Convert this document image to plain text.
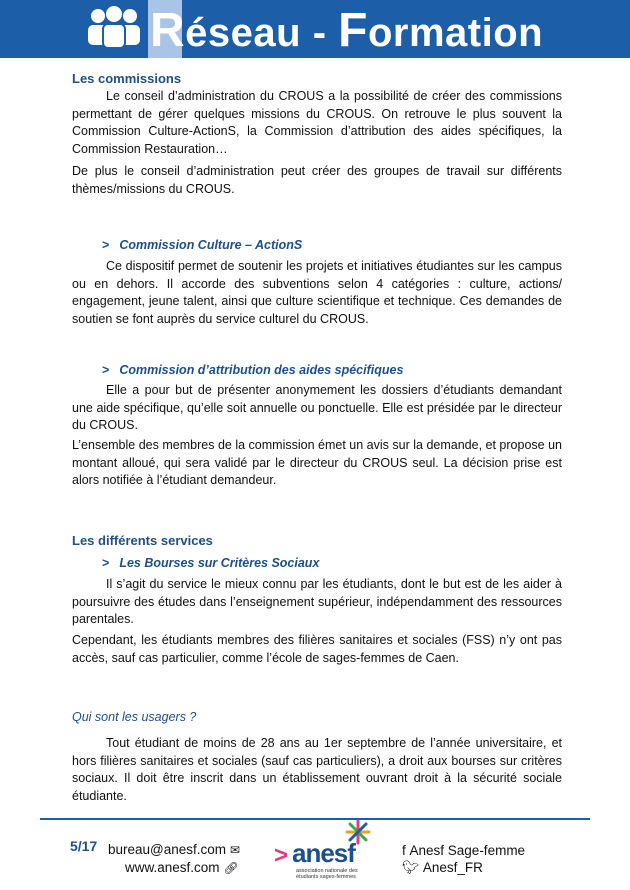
Réseau - Formation
Les commissions

Le conseil d’administration du CROUS a la possibilité de créer des commissions permettant de gérer quelques missions du CROUS. On retrouve le plus souvent la Commission Culture-ActionS, la Commission d’attribution des aides spécifiques, la Commission Restauration…

De plus le conseil d’administration peut créer des groupes de travail sur différents thèmes/missions du CROUS.

> Commission Culture – ActionS

Ce dispositif permet de soutenir les projets et initiatives étudiantes sur les campus ou en dehors. Il accorde des subventions selon 4 catégories : culture, actions/ engagement, jeune talent, ainsi que culture scientifique et technique. Ces demandes de soutien se font auprès du service culturel du CROUS.

> Commission d’attribution des aides spécifiques

Elle a pour but de présenter anonymement les dossiers d’étudiants demandant une aide spécifique, qu’elle soit annuelle ou ponctuelle. Elle est présidée par le directeur du CROUS.

L’ensemble des membres de la commission émet un avis sur la demande, et propose un montant alloué, qui sera validé par le directeur du CROUS seul. La décision prise est alors notifiée à l’étudiant demandeur.

Les différents services
> Les Bourses sur Critères Sociaux

Il s’agit du service le mieux connu par les étudiants, dont le but est de les aider à poursuivre des études dans l’enseignement supérieur, indépendamment des ressources parentales.

Cependant, les étudiants membres des filières sanitaires et sociales (FSS) n’y ont pas accès, sauf cas particulier, comme l’école de sages-femmes de Caen.

Qui sont les usagers ?

Tout étudiant de moins de 28 ans au 1er septembre de l’année universitaire, et hors filières sanitaires et sociales (sauf cas particuliers), a droit aux bourses sur critères sociaux. Il doit être inscrit dans un établissement ouvrant droit à la sécurité sociale étudiante.

5/17 bureau@anesf.com ✉
www.anesf.com 🔗︎ > anesf
association nationale des étudiants sages-femmes
f Anesf Sage-femme
🐦︎ Anesf_FR
